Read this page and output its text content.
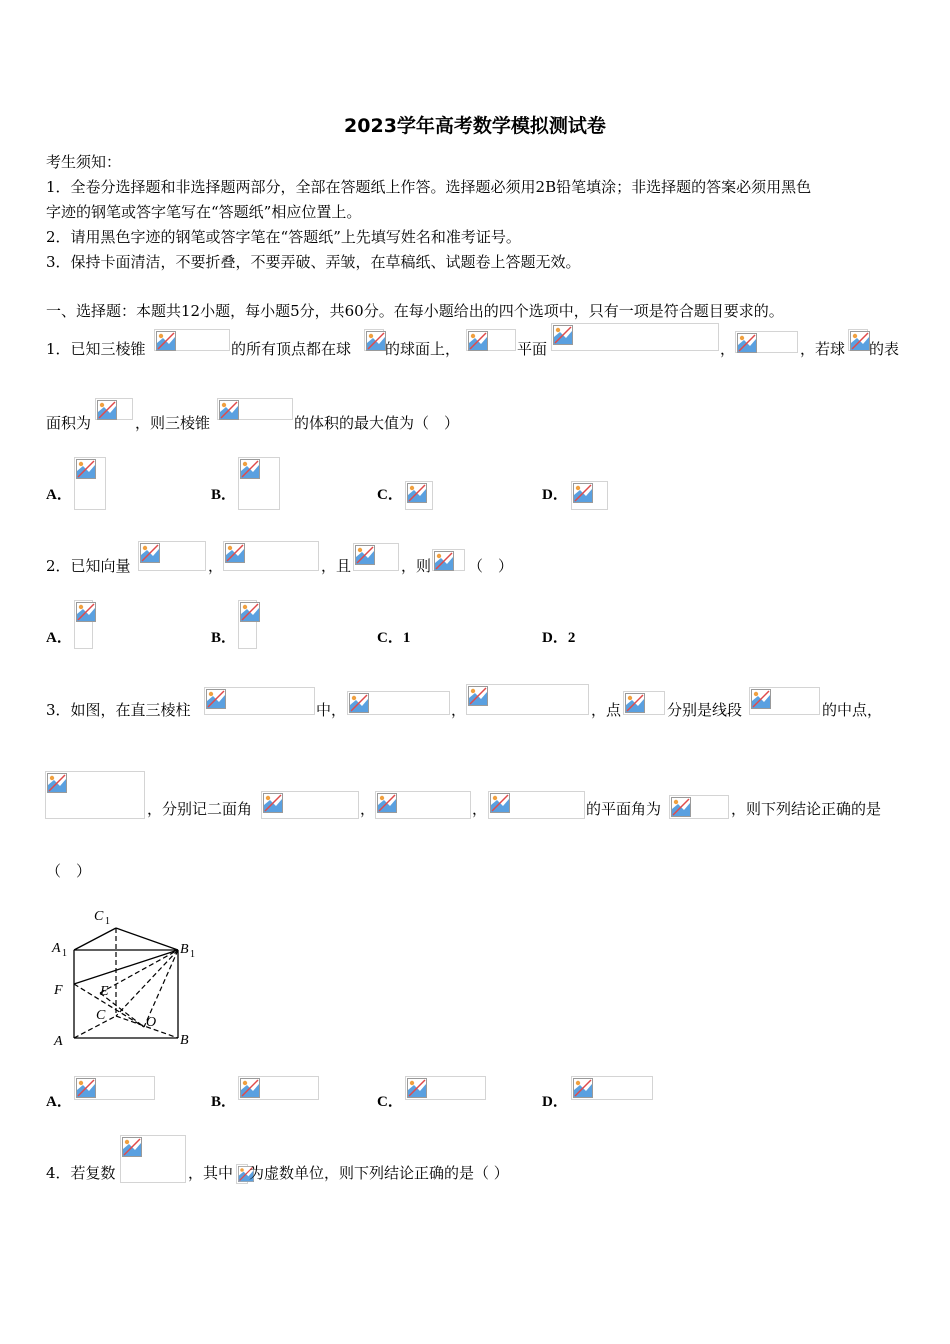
2023学年高考数学模拟测试卷
考生须知：
1．全卷分选择题和非选择题两部分，全部在答题纸上作答。选择题必须用2B铅笔填涂；非选择题的答案必须用黑色
字迹的钢笔或答字笔写在“答题纸”相应位置上。
2．请用黑色字迹的钢笔或答字笔在“答题纸”上先填写姓名和准考证号。
3．保持卡面清洁，不要折叠，不要弄破、弄皱，在草稿纸、试题卷上答题无效。
一、选择题：本题共12小题，每小题5分，共60分。在每小题给出的四个选项中，只有一项是符合题目要求的。
1．已知三棱锥	的所有顶点都在球 的球面上，	平面	，	，若球 的表
面积为	，则三棱锥	的体积的最大值为（　）
A．	B．	C．	D．
2．已知向量	，	，且	，则 （　）
A．	B．	C．1	D．2
3．如图，在直三棱柱	中，	，	，点	分别是线段	的中点，
，分别记二面角	，	，	的平面角为	，则下列结论正确的是
（　）
C 1
A 1	B 1
F	E
C	O
A	B
A．	B．	C．	D．
4．若复数	，其中 为虚数单位，则下列结论正确的是（ ）
